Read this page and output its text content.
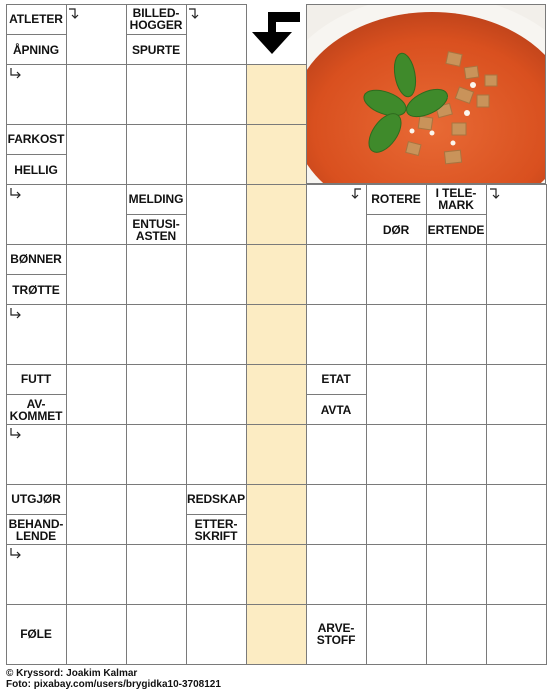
ATLETER
ÅPNING
BILLED-
HOGGER
SPURTE
FARKOST
HELLIG
MELDING
ENTUSI-
ASTEN
ROTERE	I TELE-
MARK
DØR	ERTENDE
BØNNER
TRØTTE
FUTT
AV-
KOMMET
ETAT
AVTA
UTGJØR
BEHAND-
LENDE
REDSKAP
ETTER-
SKRIFT
FØLE	ARVE-
STOFF
© Kryssord: Joakim Kalmar
Foto: pixabay.com/users/brygidka10-3708121
